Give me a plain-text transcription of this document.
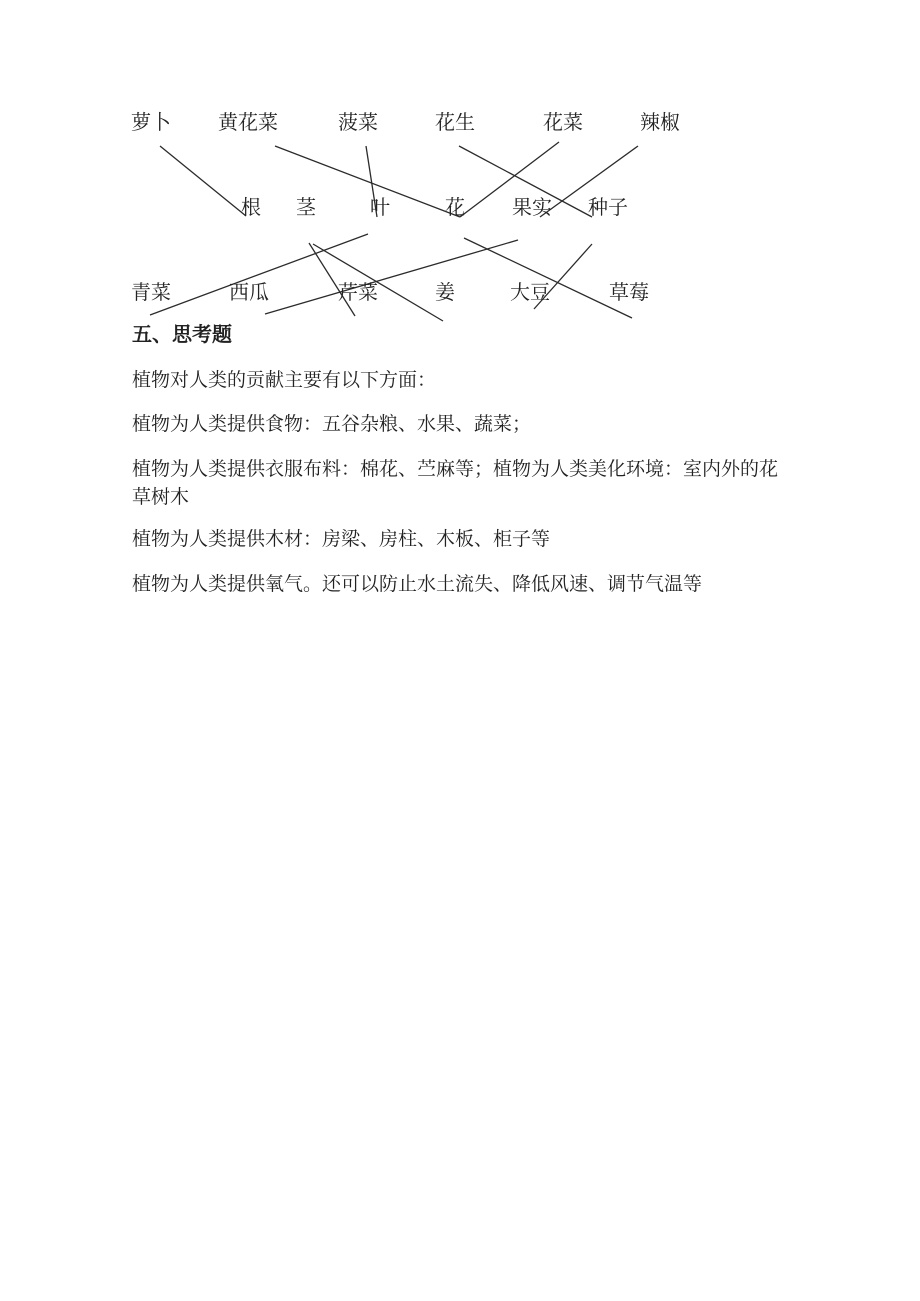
萝卜 黄花菜	菠菜	花生	花菜	辣椒
根 茎	叶	花 果实 种子
青菜	西瓜	芹菜	姜	大豆	草莓
五、思考题
植物对人类的贡献主要有以下方面：
植物为人类提供食物：五谷杂粮、水果、蔬菜；
植物为人类提供衣服布料：棉花、苎麻等；植物为人类美化环境：室内外的花草树木
植物为人类提供木材：房梁、房柱、木板、柜子等
植物为人类提供氧气。还可以防止水土流失、降低风速、调节气温等
